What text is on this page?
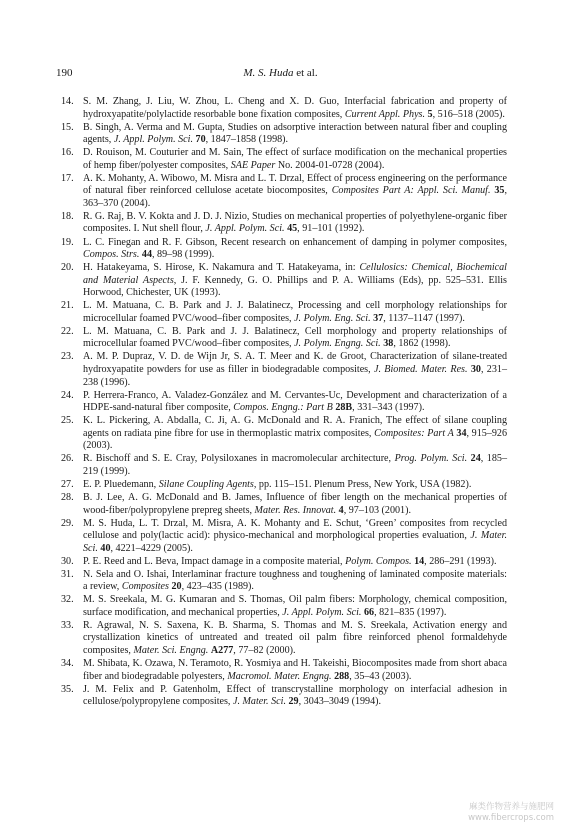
190	M. S. Huda et al.
14 . S. M. Zhang, J. Liu, W. Zhou, L. Cheng and X. D. Guo, Interfacial fabrication and property of hydroxyapatite/polylactide resorbable bone fixation composites, Current Appl. Phys. 5, 516–518 (2005).
15 . B. Singh, A. Verma and M. Gupta, Studies on adsorptive interaction between natural fiber and coupling agents, J. Appl. Polym. Sci. 70, 1847–1858 (1998).
16 . D. Rouison, M. Couturier and M. Sain, The effect of surface modification on the mechanical properties of hemp fiber/polyester composites, SAE Paper No. 2004-01-0728 (2004).
17 . A. K. Mohanty, A. Wibowo, M. Misra and L. T. Drzal, Effect of process engineering on the performance of natural fiber reinforced cellulose acetate biocomposites, Composites Part A: Appl. Sci. Manuf. 35, 363–370 (2004).
18 . R. G. Raj, B. V. Kokta and J. D. J. Nizio, Studies on mechanical properties of polyethylene-organic fiber composites. I. Nut shell flour, J. Appl. Polym. Sci. 45, 91–101 (1992).
19 . L. C. Finegan and R. F. Gibson, Recent research on enhancement of damping in polymer composites, Compos. Strs. 44, 89–98 (1999).
20 . H. Hatakeyama, S. Hirose, K. Nakamura and T. Hatakeyama, in: Cellulosics: Chemical, Biochemical and Material Aspects, J. F. Kennedy, G. O. Phillips and P. A. Williams (Eds), pp. 525–531. Ellis Horwood, Chichester, UK (1993).
21 . L. M. Matuana, C. B. Park and J. J. Balatinecz, Processing and cell morphology relationships for microcellular foamed PVC/wood–fiber composites, J. Polym. Eng. Sci. 37, 1137–1147 (1997).
22 . L. M. Matuana, C. B. Park and J. J. Balatinecz, Cell morphology and property relationships of microcellular foamed PVC/wood–fiber composites, J. Polym. Engng. Sci. 38, 1862 (1998).
23 . A. M. P. Dupraz, V. D. de Wijn Jr, S. A. T. Meer and K. de Groot, Characterization of silane-treated hydroxyapatite powders for use as filler in biodegradable composites, J. Biomed. Mater. Res. 30, 231–238 (1996).
24 . P. Herrera-Franco, A. Valadez-González and M. Cervantes-Uc, Development and characterization of a HDPE-sand-natural fiber composite, Compos. Engng.: Part B 28B, 331–343 (1997).
25 . K. L. Pickering, A. Abdalla, C. Ji, A. G. McDonald and R. A. Franich, The effect of silane coupling agents on radiata pine fibre for use in thermoplastic matrix composites, Composites: Part A 34, 915–926 (2003).
26 . R. Bischoff and S. E. Cray, Polysiloxanes in macromolecular architecture, Prog. Polym. Sci. 24, 185–219 (1999).
27 . E. P. Pluedemann, Silane Coupling Agents, pp. 115–151. Plenum Press, New York, USA (1982).
28 . B. J. Lee, A. G. McDonald and B. James, Influence of fiber length on the mechanical properties of wood-fiber/polypropylene prepreg sheets, Mater. Res. Innovat. 4, 97–103 (2001).
29 . M. S. Huda, L. T. Drzal, M. Misra, A. K. Mohanty and E. Schut, ‘Green’ composites from recycled cellulose and poly(lactic acid): physico-mechanical and morphological properties evaluation, J. Mater. Sci. 40, 4221–4229 (2005).
30 . P. E. Reed and L. Beva, Impact damage in a composite material, Polym. Compos. 14, 286–291 (1993).
31 . N. Sela and O. Ishai, Interlaminar fracture toughness and toughening of laminated composite materials: a review, Composites 20, 423–435 (1989).
32 . M. S. Sreekala, M. G. Kumaran and S. Thomas, Oil palm fibers: Morphology, chemical composition, surface modification, and mechanical properties, J. Appl. Polym. Sci. 66, 821–835 (1997).
33 . R. Agrawal, N. S. Saxena, K. B. Sharma, S. Thomas and M. S. Sreekala, Activation energy and crystallization kinetics of untreated and treated oil palm fibre reinforced phenol formaldehyde composites, Mater. Sci. Engng. A277, 77–82 (2000).
34 . M. Shibata, K. Ozawa, N. Teramoto, R. Yosmiya and H. Takeishi, Biocomposites made from short abaca fiber and biodegradable polyesters, Macromol. Mater. Engng. 288, 35–43 (2003).
35 . J. M. Felix and P. Gatenholm, Effect of transcrystalline morphology on interfacial adhesion in cellulose/polypropylene composites, J. Mater. Sci. 29, 3043–3049 (1994).
麻类作物营养与施肥网
www.fibercrops.com
